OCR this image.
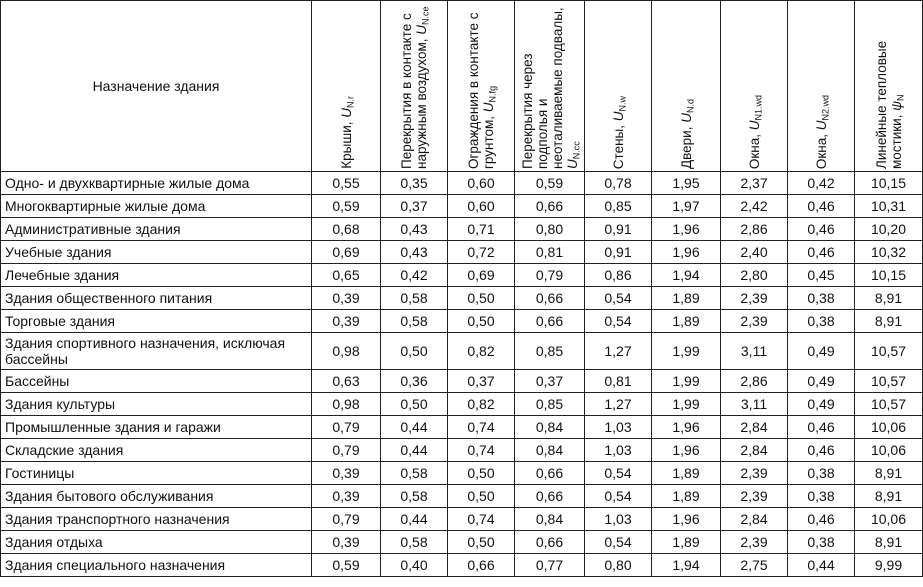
Назначение здания	Крыши, $U_{N.r}$	Перекрытия в контакте с наружным воздухом, $U_{N.ce}$	Ограждения в контакте с грунтом, $U_{N.fg}$	Перекрытия через подполья и неоталиваемые подвалы, $U_{N.cc}$	Стены, $U_{N.w}$	Двери, $U_{N.d}$	Окна, $U_{N1.wd}$	Окна, $U_{N2.wd}$	Линейные тепловые мостики, $\psi_N$

Одно- и двухквартирные жилые дома	0,55	0,35	0,60	0,59	0,78	1,95	2,37	0,42	10,15
Многоквартирные жилые дома	0,59	0,37	0,60	0,66	0,85	1,97	2,42	0,46	10,31
Административные здания	0,68	0,43	0,71	0,80	0,91	1,96	2,86	0,46	10,20
Учебные здания	0,69	0,43	0,72	0,81	0,91	1,96	2,40	0,46	10,32
Лечебные здания	0,65	0,42	0,69	0,79	0,86	1,94	2,80	0,45	10,15
Здания общественного питания	0,39	0,58	0,50	0,66	0,54	1,89	2,39	0,38	8,91
Торговые здания	0,39	0,58	0,50	0,66	0,54	1,89	2,39	0,38	8,91
Здания спортивного назначения, исключая бассейны	0,98	0,50	0,82	0,85	1,27	1,99	3,11	0,49	10,57
Бассейны	0,63	0,36	0,37	0,37	0,81	1,99	2,86	0,49	10,57
Здания культуры	0,98	0,50	0,82	0,85	1,27	1,99	3,11	0,49	10,57
Промышленные здания и гаражи	0,79	0,44	0,74	0,84	1,03	1,96	2,84	0,46	10,06
Складские здания	0,79	0,44	0,74	0,84	1,03	1,96	2,84	0,46	10,06
Гостиницы	0,39	0,58	0,50	0,66	0,54	1,89	2,39	0,38	8,91
Здания бытового обслуживания	0,39	0,58	0,50	0,66	0,54	1,89	2,39	0,38	8,91
Здания транспортного назначения	0,79	0,44	0,74	0,84	1,03	1,96	2,84	0,46	10,06
Здания отдыха	0,39	0,58	0,50	0,66	0,54	1,89	2,39	0,38	8,91
Здания специального назначения	0,59	0,40	0,66	0,77	0,80	1,94	2,75	0,44	9,99
